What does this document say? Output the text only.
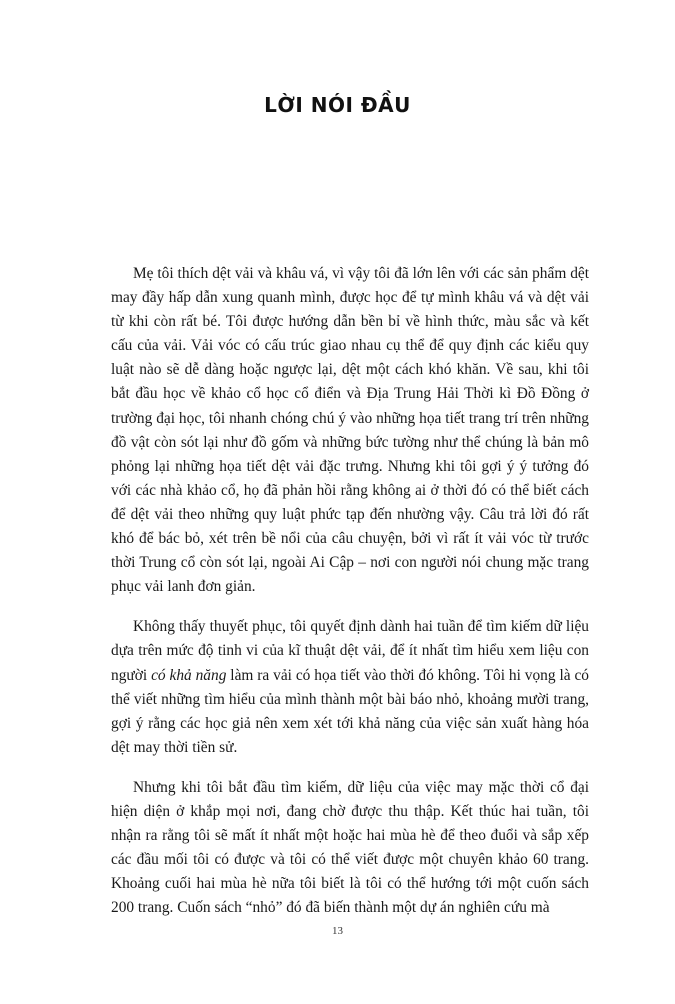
LỜI NÓI ĐẦU

Mẹ tôi thích dệt vải và khâu vá, vì vậy tôi đã lớn lên với các sản phẩm dệt may đầy hấp dẫn xung quanh mình, được học để tự mình khâu vá và dệt vải từ khi còn rất bé. Tôi được hướng dẫn bền bỉ về hình thức, màu sắc và kết cấu của vải. Vải vóc có cấu trúc giao nhau cụ thể để quy định các kiểu quy luật nào sẽ dễ dàng hoặc ngược lại, dệt một cách khó khăn. Về sau, khi tôi bắt đầu học về khảo cổ học cổ điển và Địa Trung Hải Thời kì Đồ Đồng ở trường đại học, tôi nhanh chóng chú ý vào những họa tiết trang trí trên những đồ vật còn sót lại như đồ gốm và những bức tường như thể chúng là bản mô phỏng lại những họa tiết dệt vải đặc trưng. Nhưng khi tôi gợi ý ý tưởng đó với các nhà khảo cổ, họ đã phản hồi rằng không ai ở thời đó có thể biết cách để dệt vải theo những quy luật phức tạp đến nhường vậy. Câu trả lời đó rất khó để bác bỏ, xét trên bề nổi của câu chuyện, bởi vì rất ít vải vóc từ trước thời Trung cổ còn sót lại, ngoài Ai Cập – nơi con người nói chung mặc trang phục vải lanh đơn giản.

Không thấy thuyết phục, tôi quyết định dành hai tuần để tìm kiếm dữ liệu dựa trên mức độ tinh vi của kĩ thuật dệt vải, để ít nhất tìm hiểu xem liệu con người có khả năng làm ra vải có họa tiết vào thời đó không. Tôi hi vọng là có thể viết những tìm hiểu của mình thành một bài báo nhỏ, khoảng mười trang, gợi ý rằng các học giả nên xem xét tới khả năng của việc sản xuất hàng hóa dệt may thời tiền sử.

Nhưng khi tôi bắt đầu tìm kiếm, dữ liệu của việc may mặc thời cổ đại hiện diện ở khắp mọi nơi, đang chờ được thu thập. Kết thúc hai tuần, tôi nhận ra rằng tôi sẽ mất ít nhất một hoặc hai mùa hè để theo đuổi và sắp xếp các đầu mối tôi có được và tôi có thể viết được một chuyên khảo 60 trang. Khoảng cuối hai mùa hè nữa tôi biết là tôi có thể hướng tới một cuốn sách 200 trang. Cuốn sách “nhỏ” đó đã biến thành một dự án nghiên cứu mà

13
